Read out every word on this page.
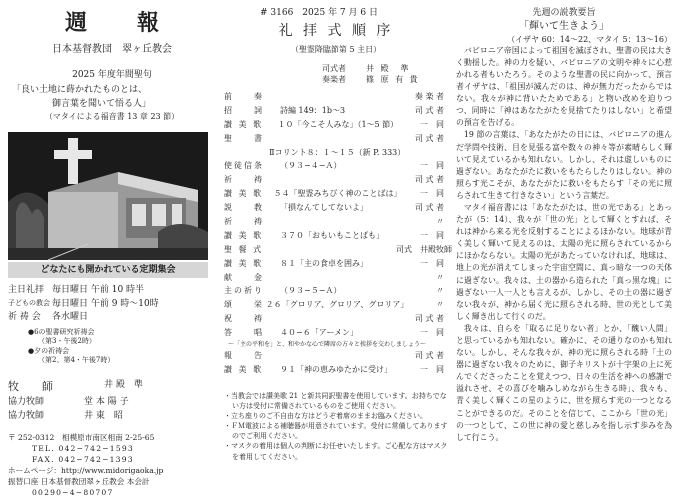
週　報
日本基督教団　翠ヶ丘教会
2025 年度年間聖句
「良い土地に蒔かれたものとは、
御言葉を聞いて悟る人」
（マタイによる福音書 13 章 23 節）
どなたにも開かれている定期集会
主日礼拝 毎日曜日 午前 10 時半
子どもの教会 毎日曜日 午前 9 時〜10時
祈 祷 会	各水曜日
●6の聖書研究祈祷会
（第3・午後2時）
●夕の祈祷会
（第2、第4・午後7時）
牧　師	井 殿　準
協力牧師	堂 本 陽 子
協力牧師	井 東　昭
〒 252-0312　相模原市南区相南 2-25-65
TEL. 042−742−1593
FAX. 042−742−1393
ホームページ：http://www.midorigaoka.jp
振替口座 日本基督教団翠ヶ丘教会 本会計
00290−4−80707
# 3166　2025 年 7 月 6 日
礼 拝 式 順 序
（聖霊降臨節第 5 主日）
司式者	井 殿　準
奏楽者	篠 原 有 貴
前　　奏	奏 楽 者
招　　詞	詩編 149：1b〜3	司 式 者
讃 美 歌	１０「今こそ人みな」（1〜5 節）	一　同
聖　　書	司 式 者
Ⅱコリント８：１〜１５（新 P. 333）
使徒信条	（９３−４−Ａ）	一　同
祈　　祷	司 式 者
讃 美 歌	５４「聖霊みちびく神のことばは」	一　同
説　　教	「損なんてしてないよ」	司 式 者
祈　　祷	〃
讃 美 歌	３７０「おもいもことばも」	一　同
聖 餐 式	司式　井殿牧師
讃 美 歌	８１「主の食卓を囲み」	一　同
献　　金	〃
主の祈り	（９３−５−Ａ）	〃
頌　　栄 ２６「グロリア、グロリア、グロリア」	〃
祝　　祷	司 式 者
答　　唱	４０−６「アーメン」	一　同
〜「主の平和を」と、和やかな心で隣席の方々と挨拶を交わしましょう〜
報　　告	司 式 者
讃 美 歌	９１「神の恵みゆたかに受け」	一　同
・当教会では讃美歌 21 と新共同訳聖書を使用しています。お持ちでない方は受付に常備されているものをご使用ください。
・立ち座りのご不自由な方はどうぞ着席のままお臨みください。
・ＦＭ電波による補聴器が用意されています。受付に常備してありますのでご利用ください。
・マスクの着用は個人の判断にお任せいたします。ご心配な方はマスクを着用してください。
先週の説教要旨
「輝いて生きよう」
（イザヤ 60：14〜22、マタイ 5：13〜16）

バビロニア帝国によって祖国を滅ぼされ、聖書の民は大きく動揺した。神の力を疑い、バビロニアの文明や神々に心惹かれる者もいたろう。そのような聖書の民に向かって、預言者イザヤは、「祖国が滅んだのは、神が無力だったからではない。我々が神に背いたためである」と物い改めを迫りつつ、同時に「神はあなたがたを見捨てたりはしない」と希望の預言を告げる。

19 節の言葉は、「あなたがたの日には、バビロニアの進んだ学問や技術、目を見張る富や数々の神々等が素晴らしく輝いて見えているかも知れない。しかし、それは虚しいものに過ぎない。あなたがたに救いをもたらしたりはしない。神の照らす光こそが、あなたがたに救いをもたらす「その光に照らされて生きて行きなさい」という言葉だ。

マタイ福音書には「あなたがたは、世の光である」とあったが（5：14）、我々が「世の光」として輝くとすれば、それは神から来る光を反射することによるほかない。地球が青く美しく輝いて見えるのは、太陽の光に照らされているからにほかならない。太陽の光があたっていなければ、地球は、地上の光が消えてしまった宇宙空間に、真っ暗な一つの天体に過ぎない。我々は、土の器から造られた「真っ黒な塊」に過ぎない一人一人とも言えるが、しかし、その土の器に過ぎない我々が、神から届く光に照らされる時、世の光として美しく輝き出して行くのだ。

我々は、自らを「取るに足りない者」とか、「醜い人間」と思っているかも知れない。確かに、その通りなのかも知れない。しかし、そんな我々が、神の光に照らされる時「土の器に過ぎない我々のために、御子キリストが十字架の上に死んでくださったことを覚えつつ、日々の生活を神への感謝で溢れさせ、その喜びを噛みしめながら生きる時」、我々も、青く美しく輝くこの星のように、世を照らす光の一つとなることができるのだ。そのことを信じて、ここから「世の光」の一つとして、この世に神の愛と慈しみを指し示す歩みを為して行こう。
